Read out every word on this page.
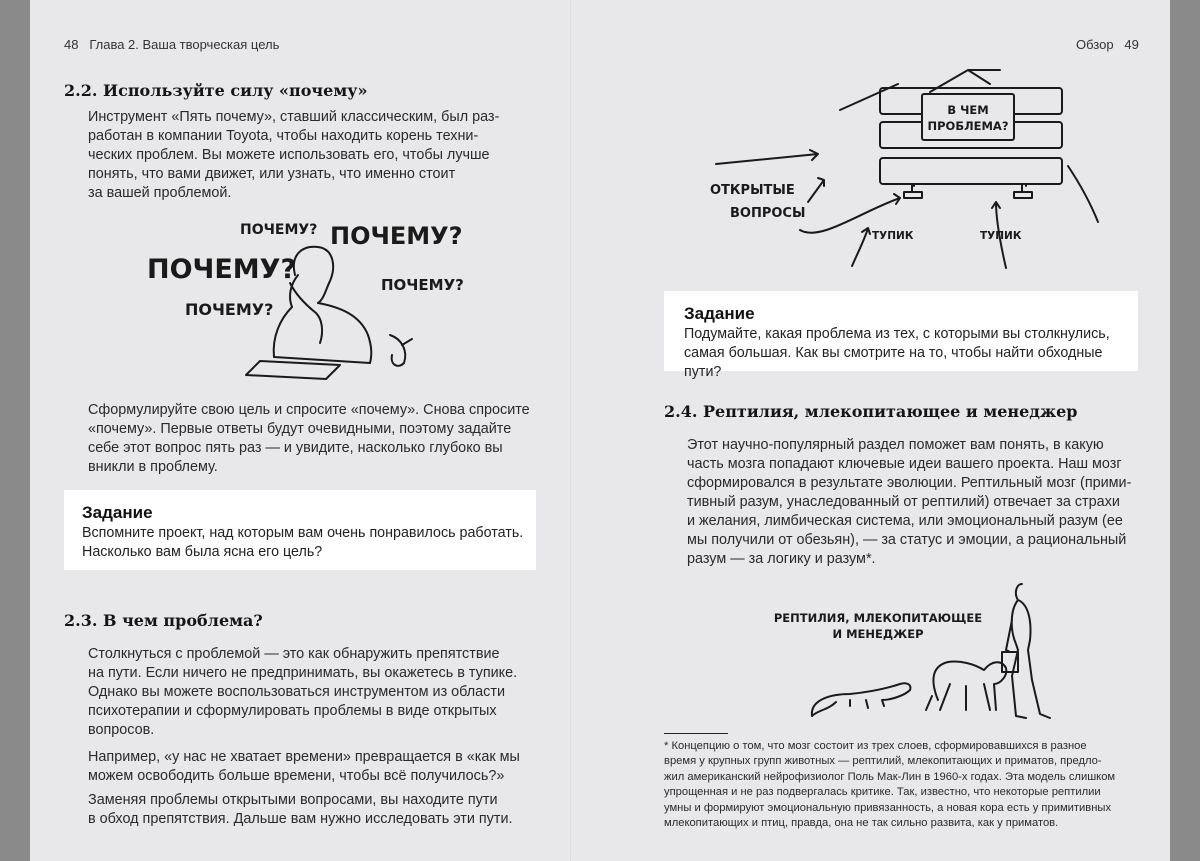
48 Глава 2. Ваша творческая цель
2.2. Используйте силу «почему»
Инструмент «Пять почему», ставший классическим, был раз-
работан в компании Toyota, чтобы находить корень техни-
ческих проблем. Вы можете использовать его, чтобы лучше
понять, что вами движет, или узнать, что именно стоит
за вашей проблемой.
ПОЧЕМУ? ПОЧЕМУ?
ПОЧЕМУ?	ПОЧЕМУ?
ПОЧЕМУ?
Сформулируйте свою цель и спросите «почему». Снова спросите
«почему». Первые ответы будут очевидными, поэтому задайте
себе этот вопрос пять раз — и увидите, насколько глубоко вы
вникли в проблему.
Задание
Вспомните проект, над которым вам очень понравилось работать.
Насколько вам была ясна его цель?
2.3. В чем проблема?
Столкнуться с проблемой — это как обнаружить препятствие
на пути. Если ничего не предпринимать, вы окажетесь в тупике.
Однако вы можете воспользоваться инструментом из области
психотерапии и сформулировать проблемы в виде открытых
вопросов.
Например, «у нас не хватает времени» превращается в «как мы
можем освободить больше времени, чтобы всё получилось?»
Заменяя проблемы открытыми вопросами, вы находите пути
в обход препятствия. Дальше вам нужно исследовать эти пути.
Обзор 49
В ЧЕМ
ПРОБЛЕМА?
ОТКРЫТЫЕ
ВОПРОСЫ
ТУПИК	ТУПИК
Задание
Подумайте, какая проблема из тех, с которыми вы столкнулись,
самая большая. Как вы смотрите на то, чтобы найти обходные пути?
2.4. Рептилия, млекопитающее и менеджер
Этот научно-популярный раздел поможет вам понять, в какую
часть мозга попадают ключевые идеи вашего проекта. Наш мозг
сформировался в результате эволюции. Рептильный мозг (прими-
тивный разум, унаследованный от рептилий) отвечает за страхи
и желания, лимбическая система, или эмоциональный разум (ее
мы получили от обезьян), — за статус и эмоции, а рациональный
разум — за логику и разум*.
РЕПТИЛИЯ, МЛЕКОПИТАЮЩЕЕ
И МЕНЕДЖЕР
* Концепцию о том, что мозг состоит из трех слоев, сформировавшихся в разное
время у крупных групп животных — рептилий, млекопитающих и приматов, предло-
жил американский нейрофизиолог Поль Мак-Лин в 1960-х годах. Эта модель слишком
упрощенная и не раз подвергалась критике. Так, известно, что некоторые рептилии
умны и формируют эмоциональную привязанность, а новая кора есть у примитивных
млекопитающих и птиц, правда, она не так сильно развита, как у приматов.
